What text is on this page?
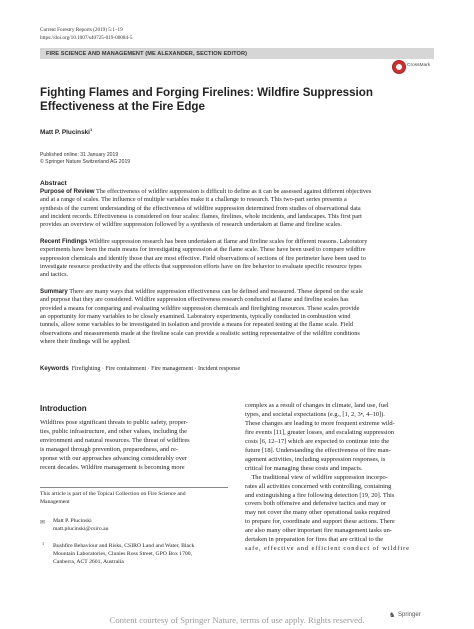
Current Forestry Reports (2019) 5:1–19
https://doi.org/10.1007/s40725-019-00084-5
FIRE SCIENCE AND MANAGEMENT (ME ALEXANDER, SECTION EDITOR)
CrossMark
Fighting Flames and Forging Firelines: Wildfire Suppression
Effectiveness at the Fire Edge
Matt P. Plucinski$^1$
Published online: 31 January 2019
© Springer Nature Switzerland AG 2019
Abstract
Purpose of Review The effectiveness of wildfire suppression is difficult to define as it can be assessed against different objectives
and at a range of scales. The influence of multiple variables make it a challenge to research. This two-part series presents a
synthesis of the current understanding of the effectiveness of wildfire suppression determined from studies of observational data
and incident records. Effectiveness is considered on four scales: flames, firelines, whole incidents, and landscapes. This first part
provides an overview of wildfire suppression followed by a synthesis of research undertaken at flame and fireline scales.
Recent Findings Wildfire suppression research has been undertaken at flame and fireline scales for different reasons. Laboratory
experiments have been the main means for investigating suppression at the flame scale. These have been used to compare wildfire
suppression chemicals and identify those that are most effective. Field observations of sections of fire perimeter have been used to
investigate resource productivity and the effects that suppression efforts have on fire behavior to evaluate specific resource types
and tactics.
Summary There are many ways that wildfire suppression effectiveness can be defined and measured. These depend on the scale
and purpose that they are considered. Wildfire suppression effectiveness research conducted at flame and fireline scales has
provided a means for comparing and evaluating wildfire suppression chemicals and firefighting resources. These scales provide
an opportunity for many variables to be closely examined. Laboratory experiments, typically conducted in combustion wind
tunnels, allow some variables to be investigated in isolation and provide a means for repeated testing at the flame scale. Field
observations and measurements made at the fireline scale can provide a realistic setting representative of the wildfire conditions
where their findings will be applied.
Keywords Firefighting · Fire containment · Fire management · Incident response
Introduction
Wildfires pose significant threats to public safety, proper-
ties, public infrastructure, and other values, including the
environment and natural resources. The threat of wildfires
is managed through prevention, preparedness, and re-
sponse with our approaches advancing considerably over
recent decades. Wildfire management is becoming more
This article is part of the Topical Collection on Fire Science and
Management
✉ Matt P. Plucinski
matt.plucinski@csiro.au
1 Bushfire Behaviour and Risks, CSIRO Land and Water, Black
Mountain Laboratories, Clunies Ross Street, GPO Box 1700,
Canberra, ACT 2601, Australia
complex as a result of changes in climate, land use, fuel
types, and societal expectations (e.g., [1, 2, 3•, 4–10]).
These changes are leading to more frequent extreme wild-
fire events [11], greater losses, and escalating suppression
costs [6, 12–17] which are expected to continue into the
future [18]. Understanding the effectiveness of fire man-
agement activities, including suppression responses, is
critical for managing these costs and impacts.
The traditional view of wildfire suppression incorpo-
rates all activities concerned with controlling, containing
and extinguishing a fire following detection [19, 20]. This
covers both offensive and defensive tactics and may or
may not cover the many other operational tasks required
to prepare for, coordinate and support these actions. There
are also many other important fire management tasks un-
dertaken in preparation for fires that are critical to the
safe, effective and efficient conduct of wildfire
♞ Springer
Content courtesy of Springer Nature, terms of use apply. Rights reserved.
